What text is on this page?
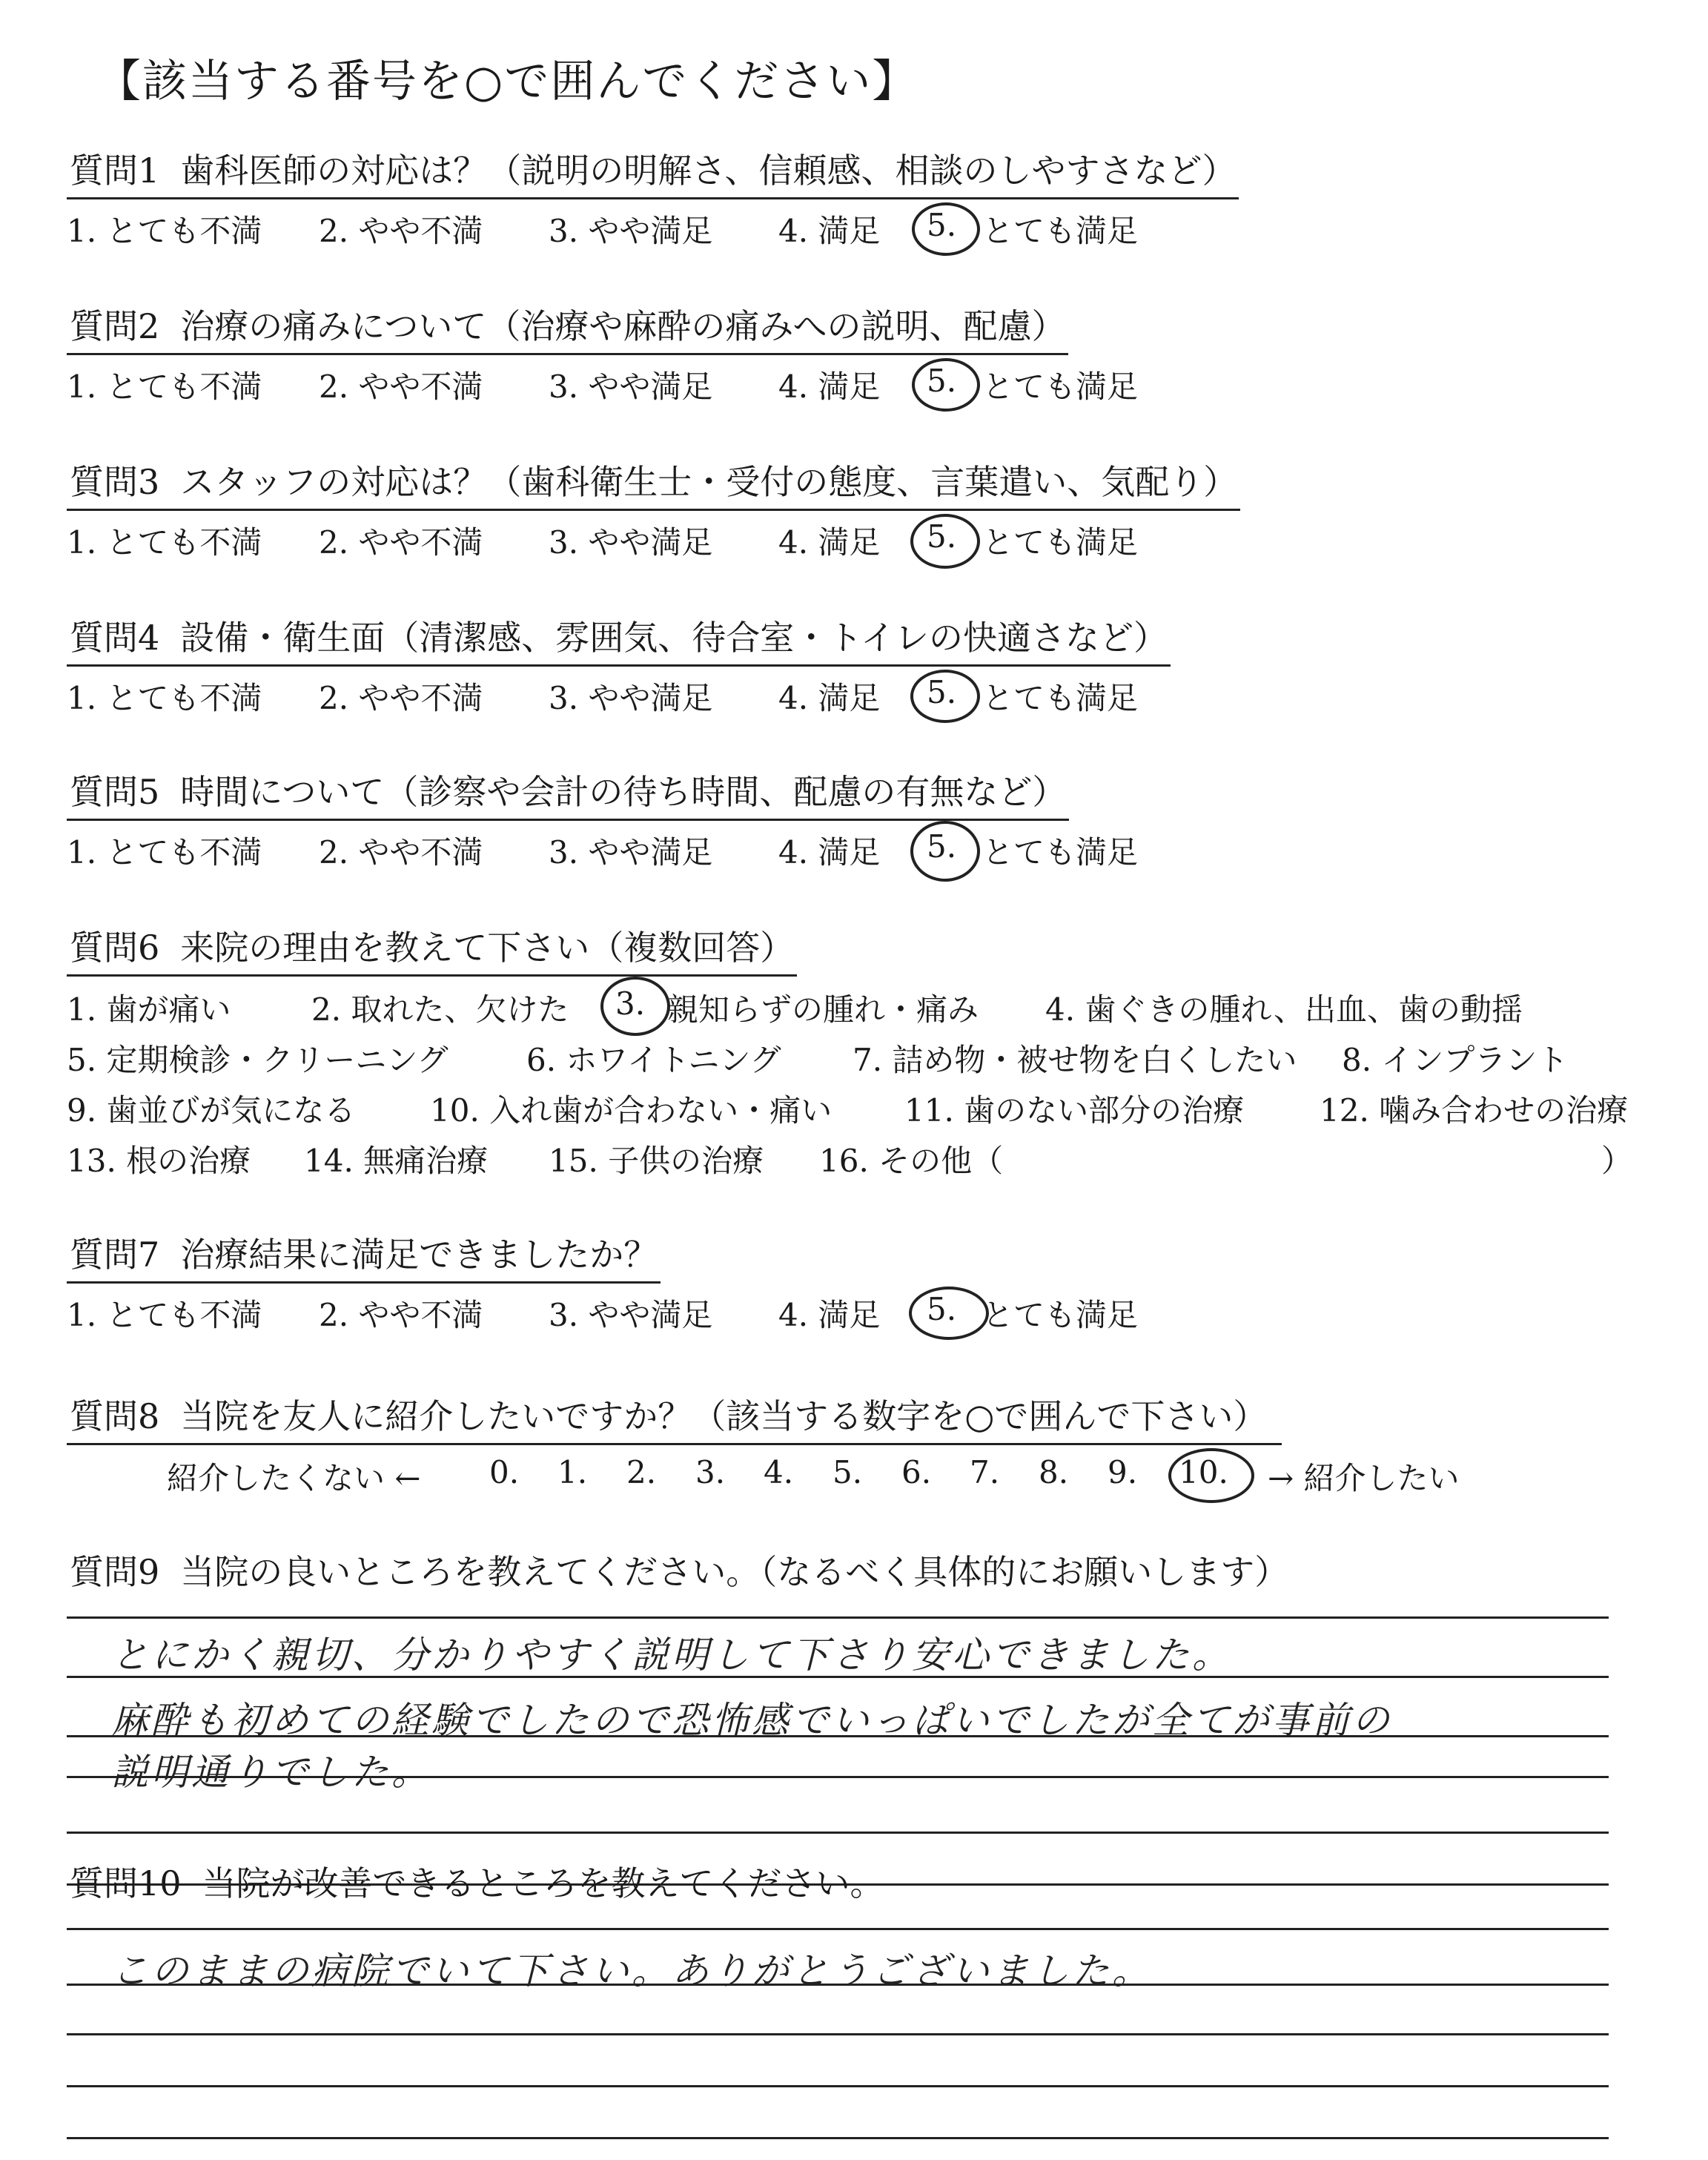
【該当する番号を○で囲んでください】
質問1 歯科医師の対応は？（説明の明解さ、信頼感、相談のしやすさなど）
1. とても不満 2. やや不満 3. やや満足 4. 満足 5. とても満足
質問2 治療の痛みについて（治療や麻酔の痛みへの説明、配慮）
1. とても不満 2. やや不満 3. やや満足 4. 満足 5. とても満足
質問3 スタッフの対応は？（歯科衛生士・受付の態度、言葉遣い、気配り）
1. とても不満 2. やや不満 3. やや満足 4. 満足 5. とても満足
質問4 設備・衛生面（清潔感、雰囲気、待合室・トイレの快適さなど）
1. とても不満 2. やや不満 3. やや満足 4. 満足 5. とても満足
質問5 時間について（診察や会計の待ち時間、配慮の有無など）
1. とても不満 2. やや不満 3. やや満足 4. 満足 5. とても満足
質問6 来院の理由を教えて下さい（複数回答）
1. 歯が痛い	2. 取れた、欠けた 3. 親知らずの腫れ・痛み 4. 歯ぐきの腫れ、出血、歯の動揺
5. 定期検診・クリーニング	6. ホワイトニング 7. 詰め物・被せ物を白くしたい 8. インプラント
9. 歯並びが気になる 10. 入れ歯が合わない・痛い 11. 歯のない部分の治療 12. 噛み合わせの治療
13. 根の治療 14. 無痛治療 15. 子供の治療 16. その他（	）
質問7 治療結果に満足できましたか？
1. とても不満 2. やや不満 3. やや満足 4. 満足 5. とても満足
質問8 当院を友人に紹介したいですか？（該当する数字を○で囲んで下さい）
紹介したくない ← 0. 1. 2. 3. 4. 5. 6. 7. 8. 9. 10. → 紹介したい
質問9 当院の良いところを教えてください。（なるべく具体的にお願いします）
とにかく親切、分かりやすく説明して下さり安心できました。
麻酔も初めての経験でしたので恐怖感でいっぱいでしたが全てが事前の
説明通りでした。
質問10 当院が改善できるところを教えてください。
このままの病院でいて下さい。ありがとうございました。
